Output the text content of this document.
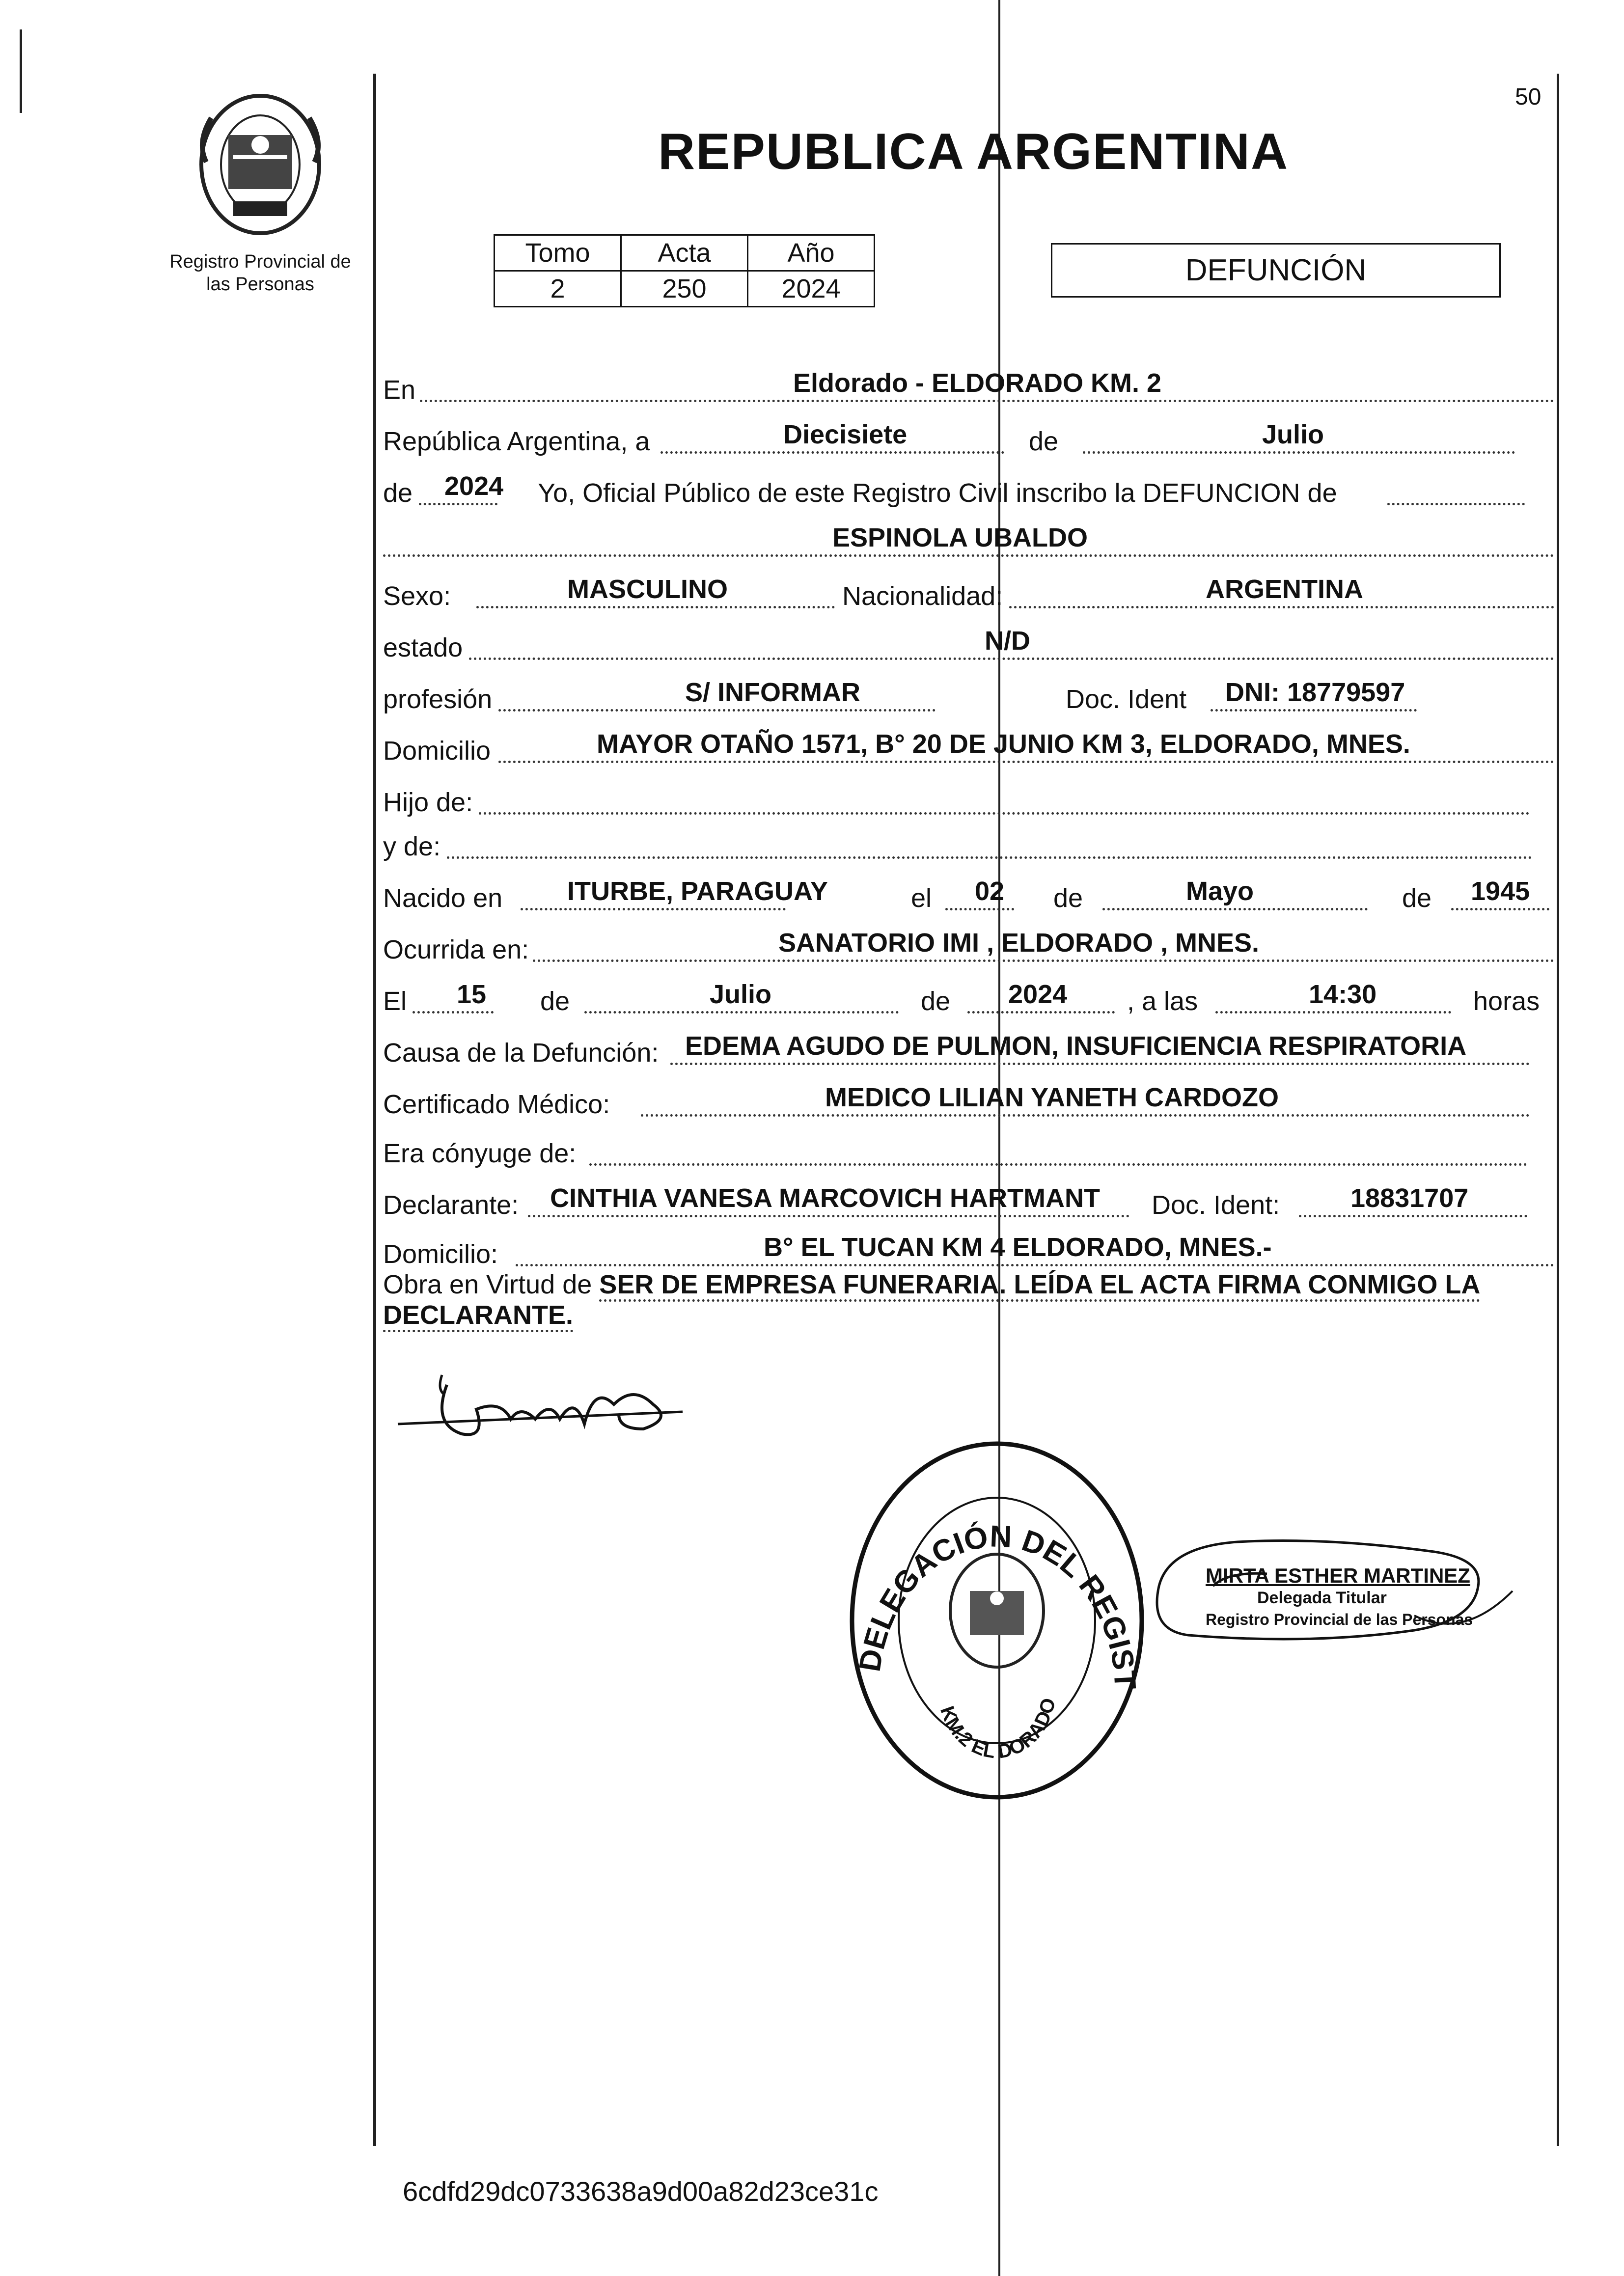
50
Registro Provincial de las Personas
REPUBLICA ARGENTINA
Tomo	Acta	Año
2	250	2024
DEFUNCIÓN
En	Eldorado - ELDORADO KM. 2
República Argentina, a	Diecisiete	de	Julio
de 2024 Yo, Oficial Público de este Registro Civil inscribo la DEFUNCION de
ESPINOLA UBALDO
Sexo:	MASCULINO	Nacionalidad:	ARGENTINA
estado	N/D
profesión	S/ INFORMAR	Doc. Ident DNI: 18779597
Domicilio	MAYOR OTAÑO 1571, B° 20 DE JUNIO KM 3, ELDORADO, MNES.
Hijo de:
y de:
Nacido en ITURBE, PARAGUAY	el 02 de	Mayo	de 1945
Ocurrida en:	SANATORIO IMI , ELDORADO , MNES.
El 15 de	Julio	de 2024 , a las	14:30	horas
Causa de la Defunción: EDEMA AGUDO DE PULMON, INSUFICIENCIA RESPIRATORIA
Certificado Médico:	MEDICO LILIAN YANETH CARDOZO
Era cónyuge de:
Declarante: CINTHIA VANESA MARCOVICH HARTMANT Doc. Ident:	18831707
Domicilio:	B° EL TUCAN KM 4 ELDORADO, MNES.-
Obra en Virtud de SER DE EMPRESA FUNERARIA. LEÍDA EL ACTA FIRMA CONMIGO LA
DECLARANTE.
DELEGACIÓN DEL REGIST
KM.2 EL DORADO
MIRTA ESTHER MARTINEZ
Delegada Titular
Registro Provincial de las Personas
6cdfd29dc0733638a9d00a82d23ce31c
